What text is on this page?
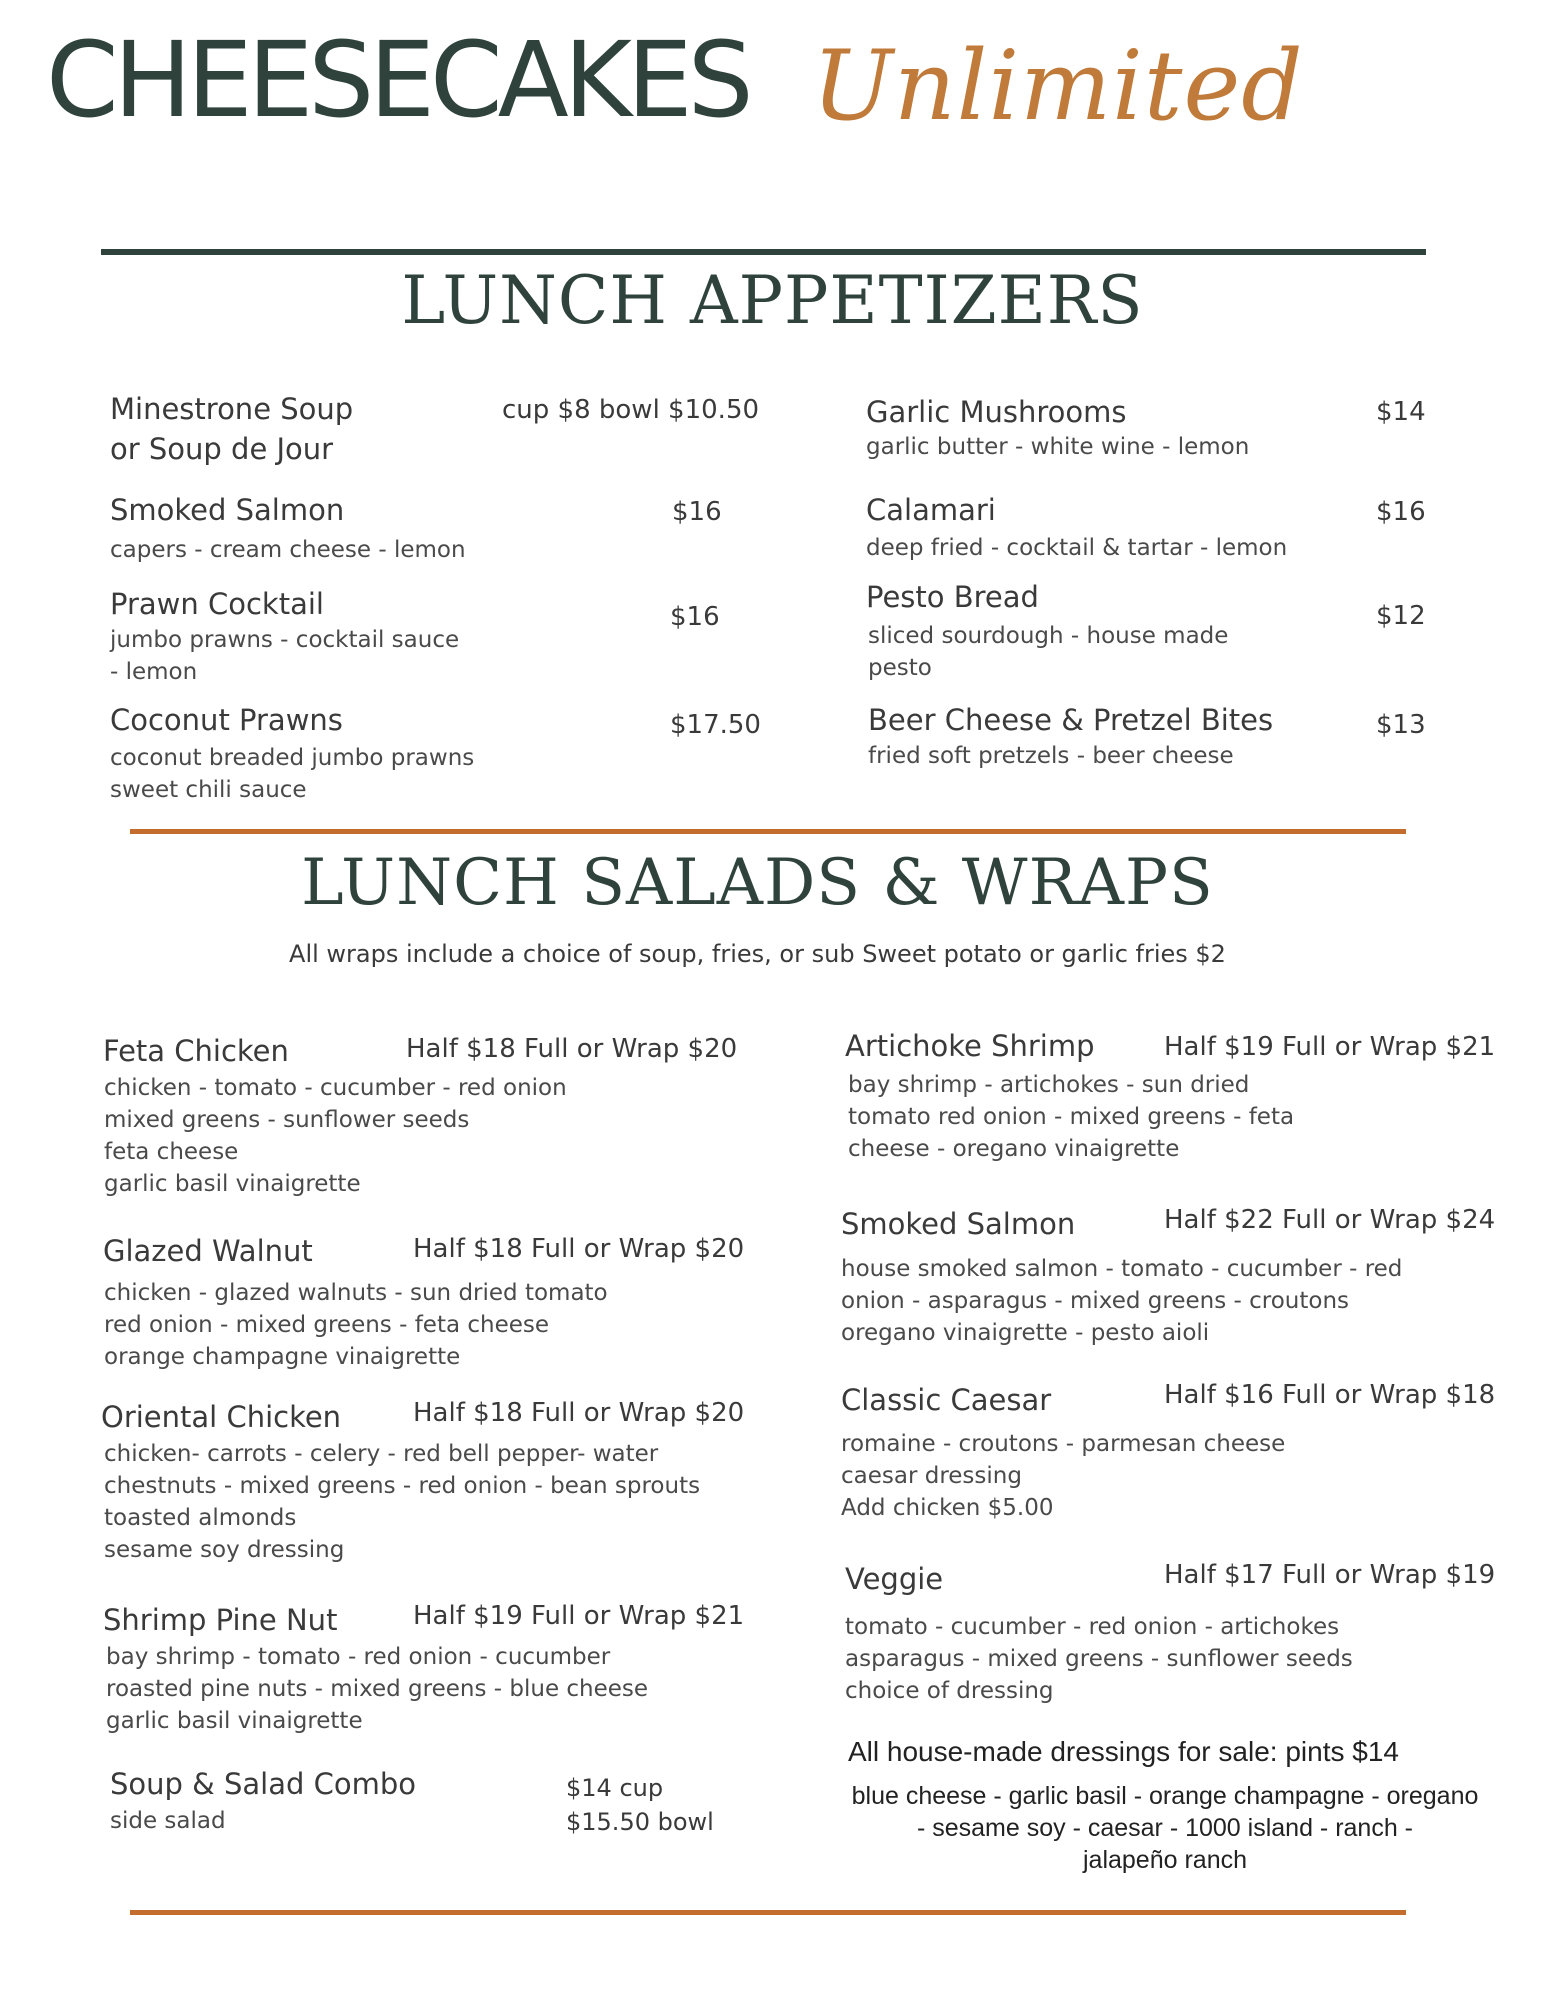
CHEESECAKES Unlimited
LUNCH APPETIZERS
Minestrone Soup
or Soup de Jour
cup $8 bowl $10.50
Smoked Salmon	$16
capers - cream cheese - lemon
Prawn Cocktail	$16
jumbo prawns - cocktail sauce
- lemon
Coconut Prawns	$17.50
coconut breaded jumbo prawns
sweet chili sauce
Garlic Mushrooms	$14
garlic butter - white wine - lemon
Calamari	$16
deep fried - cocktail & tartar - lemon
Pesto Bread
$12
sliced sourdough - house made
pesto
Beer Cheese & Pretzel Bites	$13
fried soft pretzels - beer cheese
LUNCH SALADS & WRAPS
All wraps include a choice of soup, fries, or sub Sweet potato or garlic fries $2
Feta Chicken	Half $18 Full or Wrap $20
chicken - tomato - cucumber - red onion
mixed greens - sunflower seeds
feta cheese
garlic basil vinaigrette
Glazed Walnut	Half $18 Full or Wrap $20
chicken - glazed walnuts - sun dried tomato
red onion - mixed greens - feta cheese
orange champagne vinaigrette
Oriental Chicken	Half $18 Full or Wrap $20
chicken- carrots - celery - red bell pepper- water
chestnuts - mixed greens - red onion - bean sprouts
toasted almonds
sesame soy dressing
Shrimp Pine Nut	Half $19 Full or Wrap $21
bay shrimp - tomato - red onion - cucumber
roasted pine nuts - mixed greens - blue cheese
garlic basil vinaigrette
Soup & Salad Combo
side salad
$14 cup
$15.50 bowl
Artichoke Shrimp	Half $19 Full or Wrap $21
bay shrimp - artichokes - sun dried
tomato red onion - mixed greens - feta
cheese - oregano vinaigrette
Smoked Salmon	Half $22 Full or Wrap $24
house smoked salmon - tomato - cucumber - red
onion - asparagus - mixed greens - croutons
oregano vinaigrette - pesto aioli
Classic Caesar	Half $16 Full or Wrap $18
romaine - croutons - parmesan cheese
caesar dressing
Add chicken $5.00
Veggie	Half $17 Full or Wrap $19
tomato - cucumber - red onion - artichokes
asparagus - mixed greens - sunflower seeds
choice of dressing
All house-made dressings for sale: pints $14
blue cheese - garlic basil - orange champagne - oregano
- sesame soy - caesar - 1000 island - ranch -
jalapeño ranch
